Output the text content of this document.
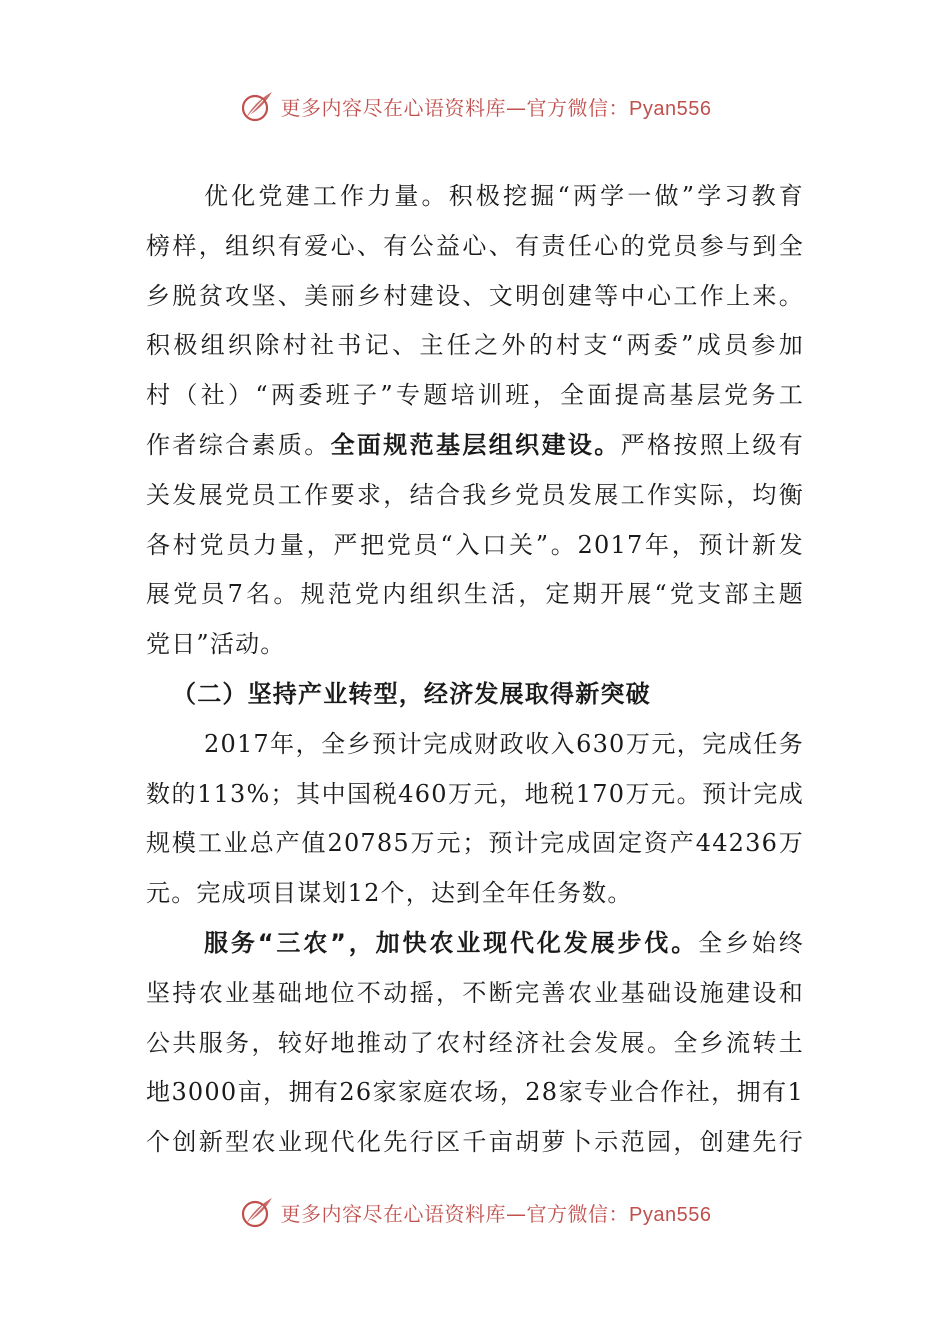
更多内容尽在心语资料库—官方微信：Pyan556
优化党建工作力量。积极挖掘“两学一做”学习教育
榜样，组织有爱心、有公益心、有责任心的党员参与到全
乡脱贫攻坚、美丽乡村建设、文明创建等中心工作上来。
积极组织除村社书记、主任之外的村支“两委”成员参加
村（社）“两委班子”专题培训班，全面提高基层党务工
作者综合素质。全面规范基层组织建设。严格按照上级有
关发展党员工作要求，结合我乡党员发展工作实际，均衡
各村党员力量，严把党员“入口关”。2017年，预计新发
展党员7名。规范党内组织生活，定期开展“党支部主题
党日”活动。
（二）坚持产业转型，经济发展取得新突破
2017年，全乡预计完成财政收入630万元，完成任务
数的113%；其中国税460万元，地税170万元。预计完成
规模工业总产值20785万元；预计完成固定资产44236万
元。完成项目谋划12个，达到全年任务数。
服务“三农”，加快农业现代化发展步伐。全乡始终
坚持农业基础地位不动摇，不断完善农业基础设施建设和
公共服务，较好地推动了农村经济社会发展。全乡流转土
地3000亩，拥有26家家庭农场，28家专业合作社，拥有1
个创新型农业现代化先行区千亩胡萝卜示范园，创建先行
更多内容尽在心语资料库—官方微信：Pyan556
